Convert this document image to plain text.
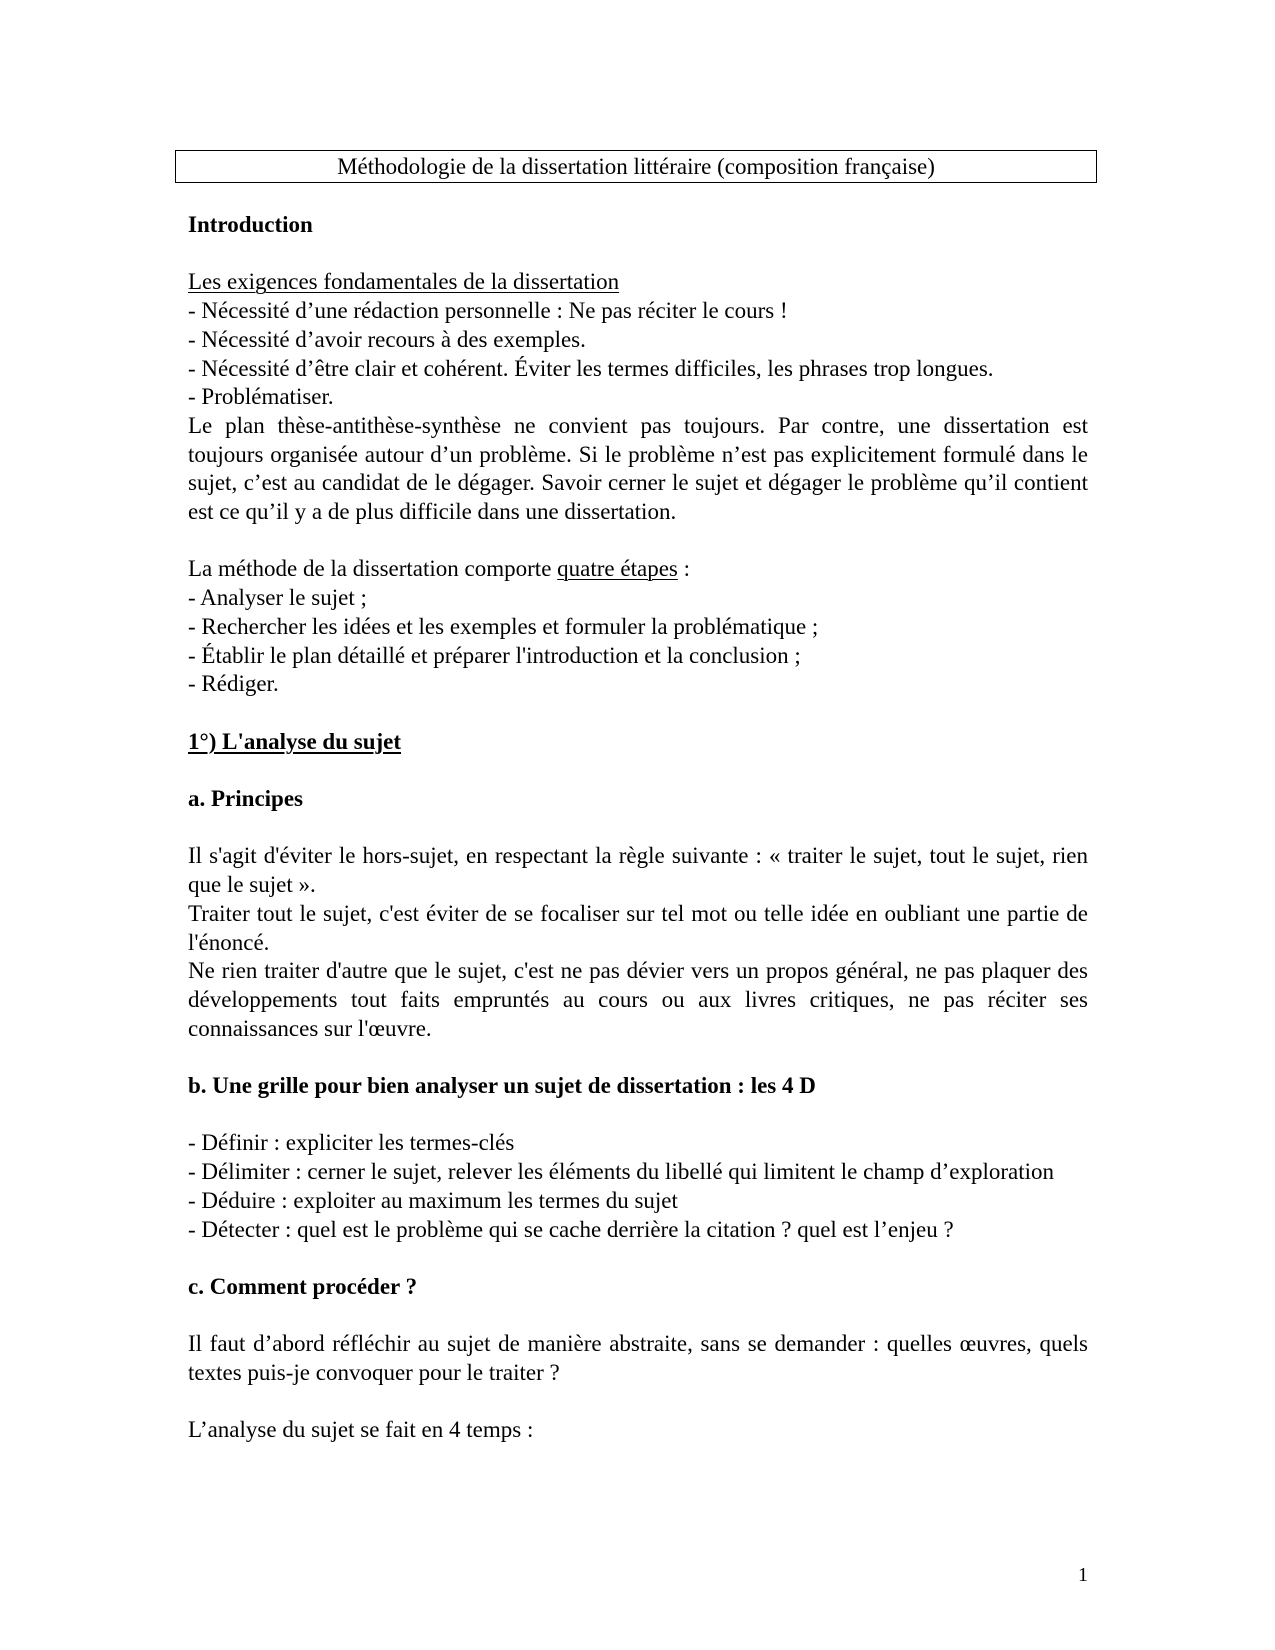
Méthodologie de la dissertation littéraire (composition française)

Introduction

Les exigences fondamentales de la dissertation

- Nécessité d’une rédaction personnelle : Ne pas réciter le cours !

- Nécessité d’avoir recours à des exemples.

- Nécessité d’être clair et cohérent. Éviter les termes difficiles, les phrases trop longues.

- Problématiser.

Le plan thèse-antithèse-synthèse ne convient pas toujours. Par contre, une dissertation est toujours organisée autour d’un problème. Si le problème n’est pas explicitement formulé dans le sujet, c’est au candidat de le dégager. Savoir cerner le sujet et dégager le problème qu’il contient est ce qu’il y a de plus difficile dans une dissertation.

La méthode de la dissertation comporte quatre étapes :

- Analyser le sujet ;

- Rechercher les idées et les exemples et formuler la problématique ;

- Établir le plan détaillé et préparer l'introduction et la conclusion ;

- Rédiger.

1°) L'analyse du sujet

a. Principes

Il s'agit d'éviter le hors-sujet, en respectant la règle suivante : « traiter le sujet, tout le sujet, rien que le sujet ».

Traiter tout le sujet, c'est éviter de se focaliser sur tel mot ou telle idée en oubliant une partie de l'énoncé.

Ne rien traiter d'autre que le sujet, c'est ne pas dévier vers un propos général, ne pas plaquer des développements tout faits empruntés au cours ou aux livres critiques, ne pas réciter ses connaissances sur l'œuvre.

b. Une grille pour bien analyser un sujet de dissertation : les 4 D

- Définir : expliciter les termes-clés

- Délimiter : cerner le sujet, relever les éléments du libellé qui limitent le champ d’exploration

- Déduire : exploiter au maximum les termes du sujet

- Détecter : quel est le problème qui se cache derrière la citation ? quel est l’enjeu ?

c. Comment procéder ?

Il faut d’abord réfléchir au sujet de manière abstraite, sans se demander : quelles œuvres, quels textes puis-je convoquer pour le traiter ?

L’analyse du sujet se fait en 4 temps :

1
